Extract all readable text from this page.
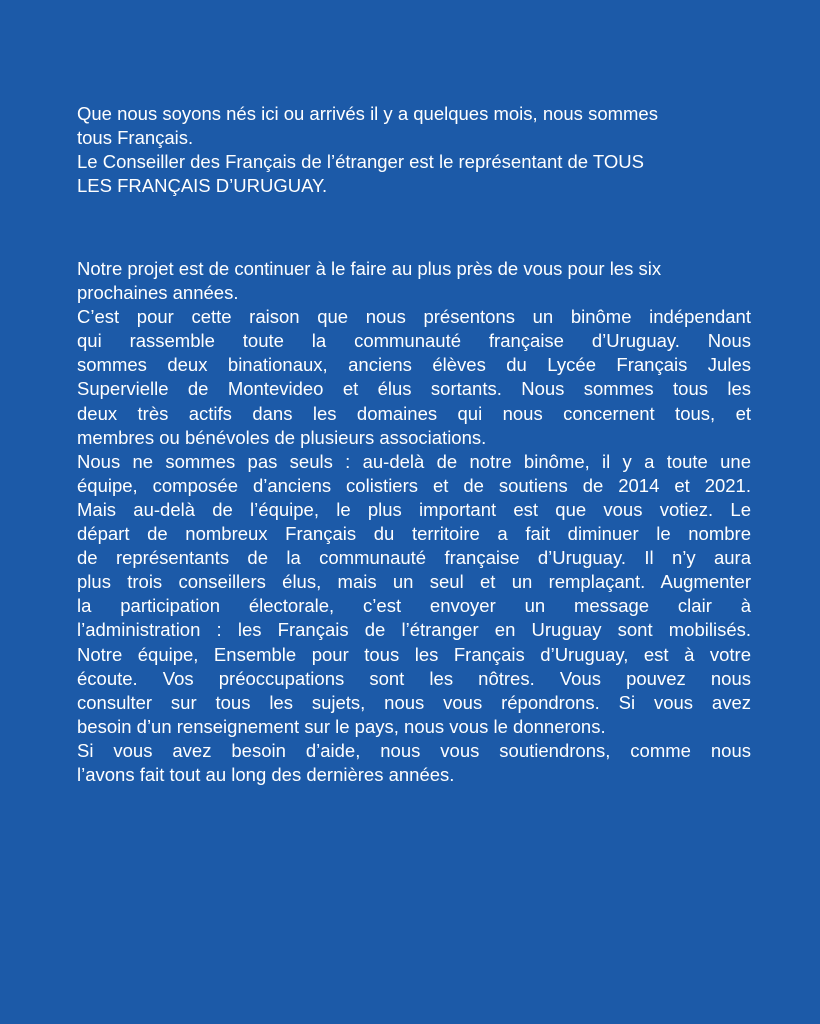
Que nous soyons nés ici ou arrivés il y a quelques mois, nous sommes
tous Français.
Le Conseiller des Français de l’étranger est le représentant de TOUS
LES FRANÇAIS D’URUGUAY.
Notre projet est de continuer à le faire au plus près de vous pour les six
prochaines années.
C’est pour cette raison que nous présentons un binôme indépendant
qui rassemble toute la communauté française d’Uruguay. Nous
sommes deux binationaux, anciens élèves du Lycée Français Jules
Supervielle de Montevideo et élus sortants. Nous sommes tous les
deux très actifs dans les domaines qui nous concernent tous, et
membres ou bénévoles de plusieurs associations.
Nous ne sommes pas seuls : au-delà de notre binôme, il y a toute une
équipe, composée d’anciens colistiers et de soutiens de 2014 et 2021.
Mais au-delà de l’équipe, le plus important est que vous votiez. Le
départ de nombreux Français du territoire a fait diminuer le nombre
de représentants de la communauté française d’Uruguay. Il n’y aura
plus trois conseillers élus, mais un seul et un remplaçant. Augmenter
la participation électorale, c’est envoyer un message clair à
l’administration : les Français de l’étranger en Uruguay sont mobilisés.
Notre équipe, Ensemble pour tous les Français d’Uruguay, est à votre
écoute. Vos préoccupations sont les nôtres. Vous pouvez nous
consulter sur tous les sujets, nous vous répondrons. Si vous avez
besoin d’un renseignement sur le pays, nous vous le donnerons.
Si vous avez besoin d’aide, nous vous soutiendrons, comme nous
l’avons fait tout au long des dernières années.
